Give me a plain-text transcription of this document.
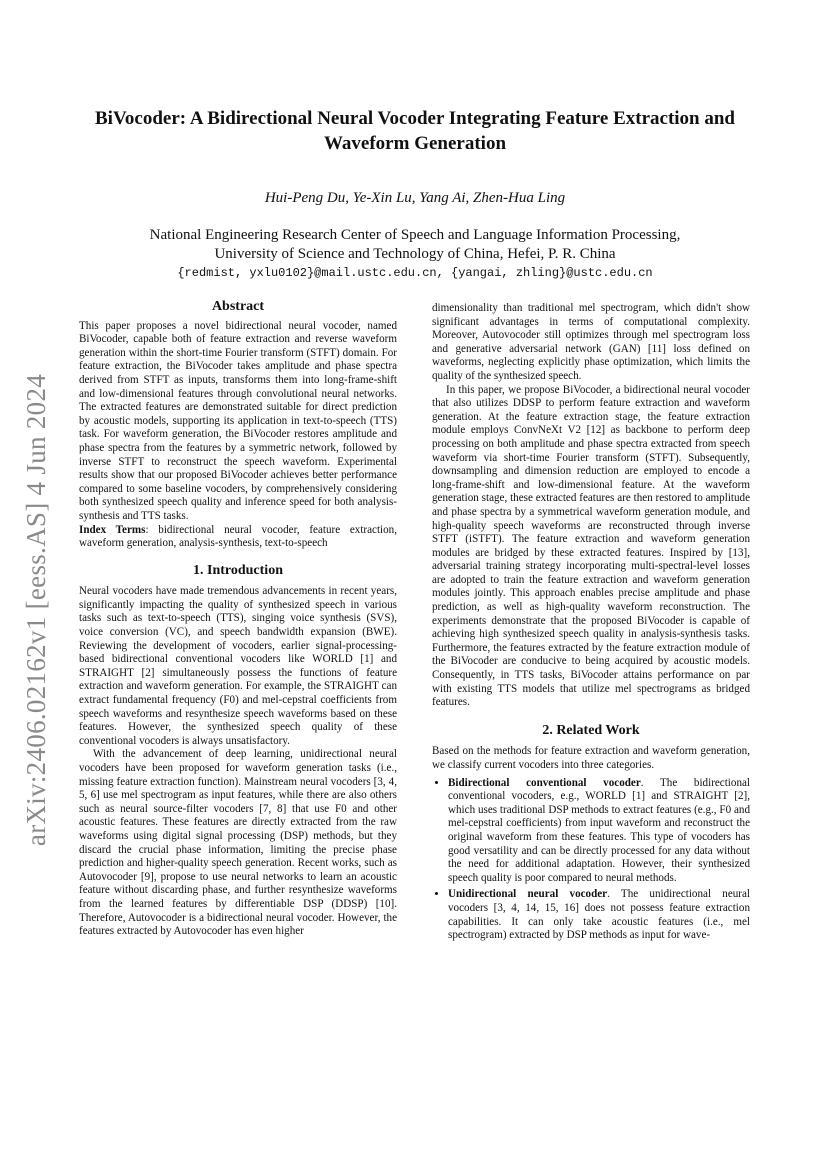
arXiv:2406.02162v1 [eess.AS] 4 Jun 2024
BiVocoder: A Bidirectional Neural Vocoder Integrating Feature Extraction and Waveform Generation
Hui-Peng Du, Ye-Xin Lu, Yang Ai, Zhen-Hua Ling
National Engineering Research Center of Speech and Language Information Processing,
University of Science and Technology of China, Hefei, P. R. China
{redmist, yxlu0102}@mail.ustc.edu.cn, {yangai, zhling}@ustc.edu.cn
Abstract

This paper proposes a novel bidirectional neural vocoder, named BiVocoder, capable both of feature extraction and reverse waveform generation within the short-time Fourier transform (STFT) domain. For feature extraction, the BiVocoder takes amplitude and phase spectra derived from STFT as inputs, transforms them into long-frame-shift and low-dimensional features through convolutional neural networks. The extracted features are demonstrated suitable for direct prediction by acoustic models, supporting its application in text-to-speech (TTS) task. For waveform generation, the BiVocoder restores amplitude and phase spectra from the features by a symmetric network, followed by inverse STFT to reconstruct the speech waveform. Experimental results show that our proposed BiVocoder achieves better performance compared to some baseline vocoders, by comprehensively considering both synthesized speech quality and inference speed for both analysis-synthesis and TTS tasks.

Index Terms: bidirectional neural vocoder, feature extraction, waveform generation, analysis-synthesis, text-to-speech

1. Introduction

Neural vocoders have made tremendous advancements in recent years, significantly impacting the quality of synthesized speech in various tasks such as text-to-speech (TTS), singing voice synthesis (SVS), voice conversion (VC), and speech bandwidth expansion (BWE). Reviewing the development of vocoders, earlier signal-processing-based bidirectional conventional vocoders like WORLD [1] and STRAIGHT [2] simultaneously possess the functions of feature extraction and waveform generation. For example, the STRAIGHT can extract fundamental frequency (F0) and mel-cepstral coefficients from speech waveforms and resynthesize speech waveforms based on these features. However, the synthesized speech quality of these conventional vocoders is always unsatisfactory.

With the advancement of deep learning, unidirectional neural vocoders have been proposed for waveform generation tasks (i.e., missing feature extraction function). Mainstream neural vocoders [3, 4, 5, 6] use mel spectrogram as input features, while there are also others such as neural source-filter vocoders [7, 8] that use F0 and other acoustic features. These features are directly extracted from the raw waveforms using digital signal processing (DSP) methods, but they discard the crucial phase information, limiting the precise phase prediction and higher-quality speech generation. Recent works, such as Autovocoder [9], propose to use neural networks to learn an acoustic feature without discarding phase, and further resynthesize waveforms from the learned features by differentiable DSP (DDSP) [10]. Therefore, Autovocoder is a bidirectional neural vocoder. However, the features extracted by Autovocoder has even higher

dimensionality than traditional mel spectrogram, which didn't show significant advantages in terms of computational complexity. Moreover, Autovocoder still optimizes through mel spectrogram loss and generative adversarial network (GAN) [11] loss defined on waveforms, neglecting explicitly phase optimization, which limits the quality of the synthesized speech.

In this paper, we propose BiVocoder, a bidirectional neural vocoder that also utilizes DDSP to perform feature extraction and waveform generation. At the feature extraction stage, the feature extraction module employs ConvNeXt V2 [12] as backbone to perform deep processing on both amplitude and phase spectra extracted from speech waveform via short-time Fourier transform (STFT). Subsequently, downsampling and dimension reduction are employed to encode a long-frame-shift and low-dimensional feature. At the waveform generation stage, these extracted features are then restored to amplitude and phase spectra by a symmetrical waveform generation module, and high-quality speech waveforms are reconstructed through inverse STFT (iSTFT). The feature extraction and waveform generation modules are bridged by these extracted features. Inspired by [13], adversarial training strategy incorporating multi-spectral-level losses are adopted to train the feature extraction and waveform generation modules jointly. This approach enables precise amplitude and phase prediction, as well as high-quality waveform reconstruction. The experiments demonstrate that the proposed BiVocoder is capable of achieving high synthesized speech quality in analysis-synthesis tasks. Furthermore, the features extracted by the feature extraction module of the BiVocoder are conducive to being acquired by acoustic models. Consequently, in TTS tasks, BiVocoder attains performance on par with existing TTS models that utilize mel spectrograms as bridged features.

2. Related Work

Based on the methods for feature extraction and waveform generation, we classify current vocoders into three categories.

• Bidirectional conventional vocoder. The bidirectional conventional vocoders, e.g., WORLD [1] and STRAIGHT [2], which uses traditional DSP methods to extract features (e.g., F0 and mel-cepstral coefficients) from input waveform and reconstruct the original waveform from these features. This type of vocoders has good versatility and can be directly processed for any data without the need for additional adaptation. However, their synthesized speech quality is poor compared to neural methods.
• Unidirectional neural vocoder. The unidirectional neural vocoders [3, 4, 14, 15, 16] does not possess feature extraction capabilities. It can only take acoustic features (i.e., mel spectrogram) extracted by DSP methods as input for wave-
